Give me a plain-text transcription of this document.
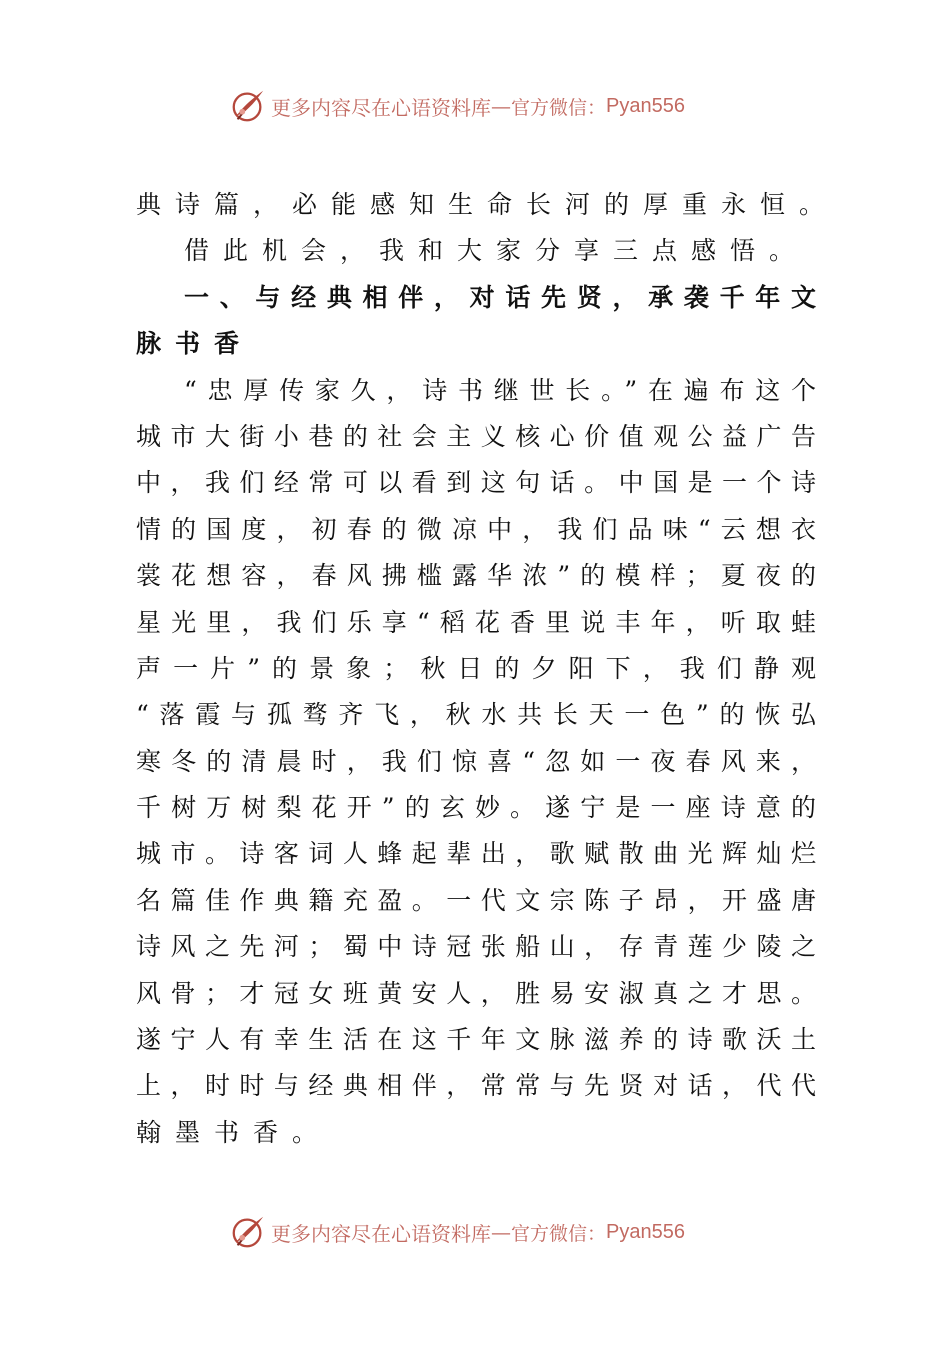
更多内容尽在心语资料库 — 官方微信： Pyan556
典诗篇，必能感知生命长河的厚重永恒。
借此机会，我和大家分享三点感悟。
一、与经典相伴，对话先贤，承袭千年文
脉书香
“忠厚传家久，诗书继世长。”在遍布这个
城市大街小巷的社会主义核心价值观公益广告
中，我们经常可以看到这句话。中国是一个诗
情的国度，初春的微凉中，我们品味“云想衣
裳花想容，春风拂槛露华浓”的模样；夏夜的
星光里，我们乐享“稻花香里说丰年，听取蛙
声一片”的景象；秋日的夕阳下，我们静观
“落霞与孤骛齐飞，秋水共长天一色”的恢弘
寒冬的清晨时，我们惊喜“忽如一夜春风来，
千树万树梨花开”的玄妙。遂宁是一座诗意的
城市。诗客词人蜂起辈出，歌赋散曲光辉灿烂
名篇佳作典籍充盈。一代文宗陈子昂，开盛唐
诗风之先河；蜀中诗冠张船山，存青莲少陵之
风骨；才冠女班黄安人，胜易安淑真之才思。
遂宁人有幸生活在这千年文脉滋养的诗歌沃土
上，时时与经典相伴，常常与先贤对话，代代
翰墨书香。
更多内容尽在心语资料库 — 官方微信： Pyan556
